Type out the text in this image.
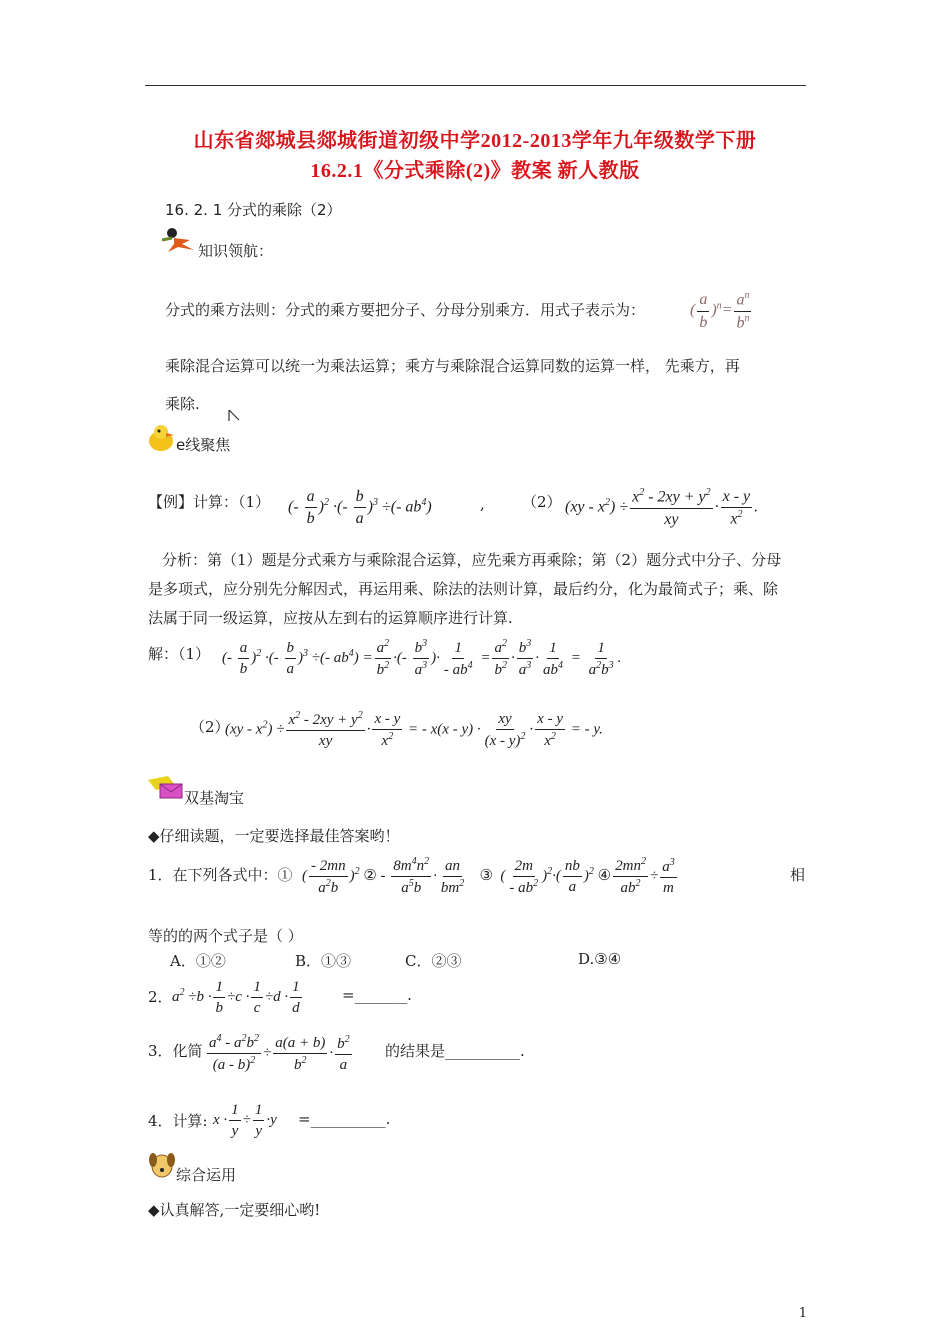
山东省郯城县郯城街道初级中学2012-2013学年九年级数学下册
16.2.1《分式乘除(2)》教案 新人教版
16. 2. 1 分式的乘除（2）
知识领航：
分式的乘方法则：分式的乘方要把分子、分母分别乘方．用式子表示为：	( $\frac{a}{b} )^n= \frac{a^n}{b^n}$
乘除混合运算可以统一为乘法运算；乘方与乘除混合运算同数的运算一样， 先乘方，再
乘除.
e线聚焦
【例】计算：（1） (- $\frac{a}{b} )^2$ ·(- $\frac{b}{a} )^3$ ÷(- $ab^4$)	, （2） $(xy - x^2) \div \frac{x^2 - 2xy + y^2}{xy} \cdot \frac{x - y}{x^2}$ .
分析：第（1）题是分式乘方与乘除混合运算，应先乘方再乘除；第（2）题分式中分子、分母
是多项式，应分别先分解因式，再运用乘、除法的法则计算，最后约分，化为最简式子；乘、除
法属于同一级运算，应按从左到右的运算顺序进行计算.
解：（1） (- $\frac{a}{b} )^2$ ·(- $\frac{b}{a} )^3$ ÷(- $ab^4) = \frac{a^2}{b^2}$ ·(- $\frac{b^3}{a^3}$ )· $\frac{1}{- ab^4} = \frac{a^2}{b^2} \cdot \frac{b^3}{a^3} \cdot \frac{1}{ab^4} = \frac{1}{a^2b^3}$ .
（2）
$(xy - x^2) \div \frac{x^2 - 2xy + y^2}{xy} \cdot \frac{x - y}{x^2}$ = - $x(x - y) \cdot \frac{xy}{(x - y)^2} \cdot \frac{x - y}{x^2}$ = - y.
双基淘宝
◆仔细读题，一定要选择最佳答案哟！
1．在下列各式中：① ( $\frac{- 2mn}{a^2b} )^2$ ② - $\frac{8m^4n^2}{a^5b} \cdot \frac{an}{bm^2}$ ③  ( $\frac{2m}{- ab^2} )^2\cdot( \frac{nb}{a} )^2$ ④ $\frac{2mn^2}{ab^2} \div \frac{a^3}{m}$	相
等的的两个式子是（ ）
A．①②	B．①③	C．②③	D.③④
2． $a^2 \div b \cdot \frac{1}{b} \div c \cdot \frac{1}{c} \div d \cdot \frac{1}{d}$	=_______.
3．化简 $\frac{a^4 - a^2b^2}{(a - b)^2} \div \frac{a(a + b)}{b^2} \cdot \frac{b^2}{a}$ 的结果是__________.
4．计算: $x \cdot \frac{1}{y} \div \frac{1}{y} \cdot y$ =__________.
综合运用
◆认真解答,一定要细心哟!
1
